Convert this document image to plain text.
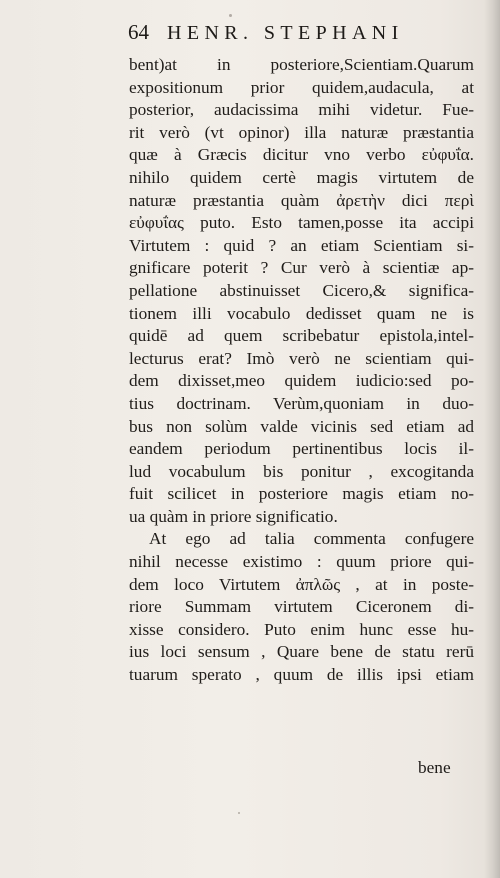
64 HENR. STEPHANI
bent)at in posteriore,Scientiam.Quarum
expositionum prior quidem,audacula, at
posterior, audacissima mihi videtur. Fue-
rit verò (vt opinor) illa naturæ præstantia
quæ à Græcis dicitur vno verbo εὐφυΐα.
nihilo quidem certè magis virtutem de
naturæ præstantia quàm ἀρετὴν dici περὶ
εὐφυΐας puto. Esto tamen,posse ita accipi
Virtutem : quid ? an etiam Scientiam si-
gnificare poterit ? Cur verò à scientiæ ap-
pellatione abstinuisset Cicero,& significa-
tionem illi vocabulo dedisset quam ne is
quidē ad quem scribebatur epistola,intel-
lecturus erat? Imò verò ne scientiam qui-
dem dixisset,meo quidem iudicio:sed po-
tius doctrinam. Verùm,quoniam in duo-
bus non solùm valde vicinis sed etiam ad
eandem periodum pertinentibus locis il-
lud vocabulum bis ponitur , excogitanda
fuit scilicet in posteriore magis etiam no-
ua quàm in priore significatio.
At ego ad talia commenta confugere
nihil necesse existimo : quum priore qui-
dem loco Virtutem ἀπλῶς , at in poste-
riore Summam virtutem Ciceronem di-
xisse considero. Puto enim hunc esse hu-
ius loci sensum , Quare bene de statu rerū
tuarum sperato , quum de illis ipsi etiam
bene
